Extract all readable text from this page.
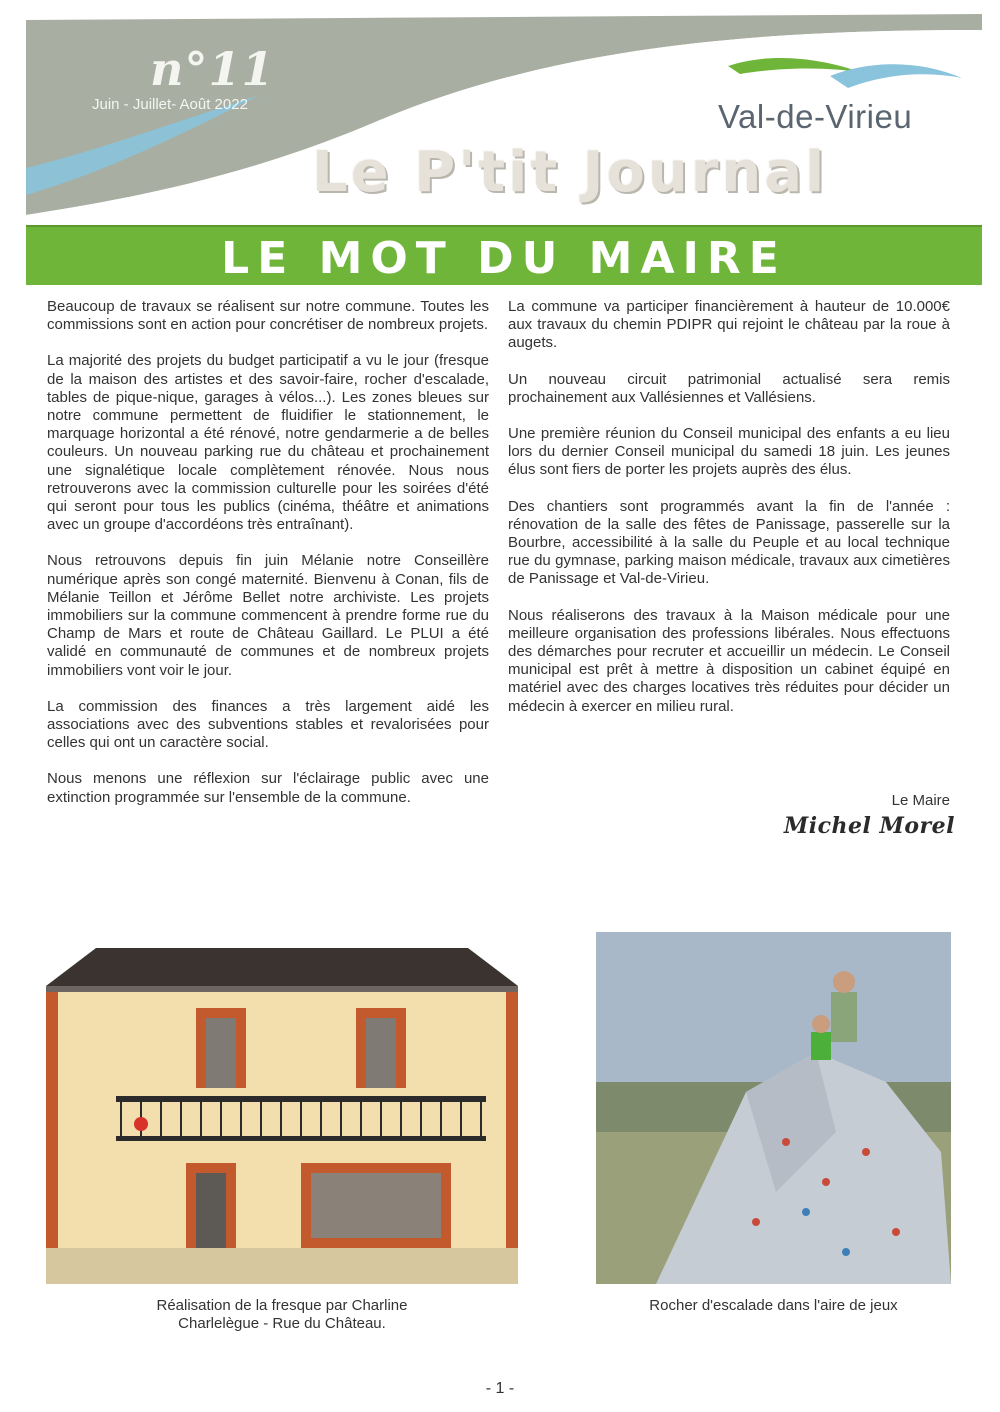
n°11
Juin - Juillet- Août 2022	Val-de-Virieu
Le P'tit Journal
LE MOT DU MAIRE

Beaucoup de travaux se réalisent sur notre commune. Toutes les commissions sont en action pour concrétiser de nombreux projets.

La majorité des projets du budget participatif a vu le jour (fresque de la maison des artistes et des savoir-faire, rocher d'escalade, tables de pique-nique, garages à vélos...). Les zones bleues sur notre commune permettent de fluidifier le stationnement, le marquage horizontal a été rénové, notre gendarmerie a de belles couleurs. Un nouveau parking rue du château et prochainement une signalétique locale complètement rénovée. Nous nous retrouverons avec la commission culturelle pour les soirées d'été qui seront pour tous les publics (cinéma, théâtre et animations avec un groupe d'accordéons très entraînant).

Nous retrouvons depuis fin juin Mélanie notre Conseillère numérique après son congé maternité. Bienvenu à Conan, fils de Mélanie Teillon et Jérôme Bellet notre archiviste. Les projets immobiliers sur la commune commencent à prendre forme rue du Champ de Mars et route de Château Gaillard. Le PLUI a été validé en communauté de communes et de nombreux projets immobiliers vont voir le jour.

La commission des finances a très largement aidé les associations avec des subventions stables et revalorisées pour celles qui ont un caractère social.

Nous menons une réflexion sur l'éclairage public avec une extinction programmée sur l'ensemble de la commune.

La commune va participer financièrement à hauteur de 10.000€ aux travaux du chemin PDIPR qui rejoint le château par la roue à augets.

Un nouveau circuit patrimonial actualisé sera remis prochainement aux Vallésiennes et Vallésiens.

Une première réunion du Conseil municipal des enfants a eu lieu lors du dernier Conseil municipal du samedi 18 juin. Les jeunes élus sont fiers de porter les projets auprès des élus.

Des chantiers sont programmés avant la fin de l'année : rénovation de la salle des fêtes de Panissage, passerelle sur la Bourbre, accessibilité à la salle du Peuple et au local technique rue du gymnase, parking maison médicale, travaux aux cimetières de Panissage et Val-de-Virieu.

Nous réaliserons des travaux à la Maison médicale pour une meilleure organisation des professions libérales. Nous effectuons des démarches pour recruter et accueillir un médecin. Le Conseil municipal est prêt à mettre à disposition un cabinet équipé en matériel avec des charges locatives très réduites pour décider un médecin à exercer en milieu rural.

Le Maire
Michel Morel
Réalisation de la fresque par Charline
Charlelègue - Rue du Château.
Rocher d'escalade dans l'aire de jeux
- 1 -
